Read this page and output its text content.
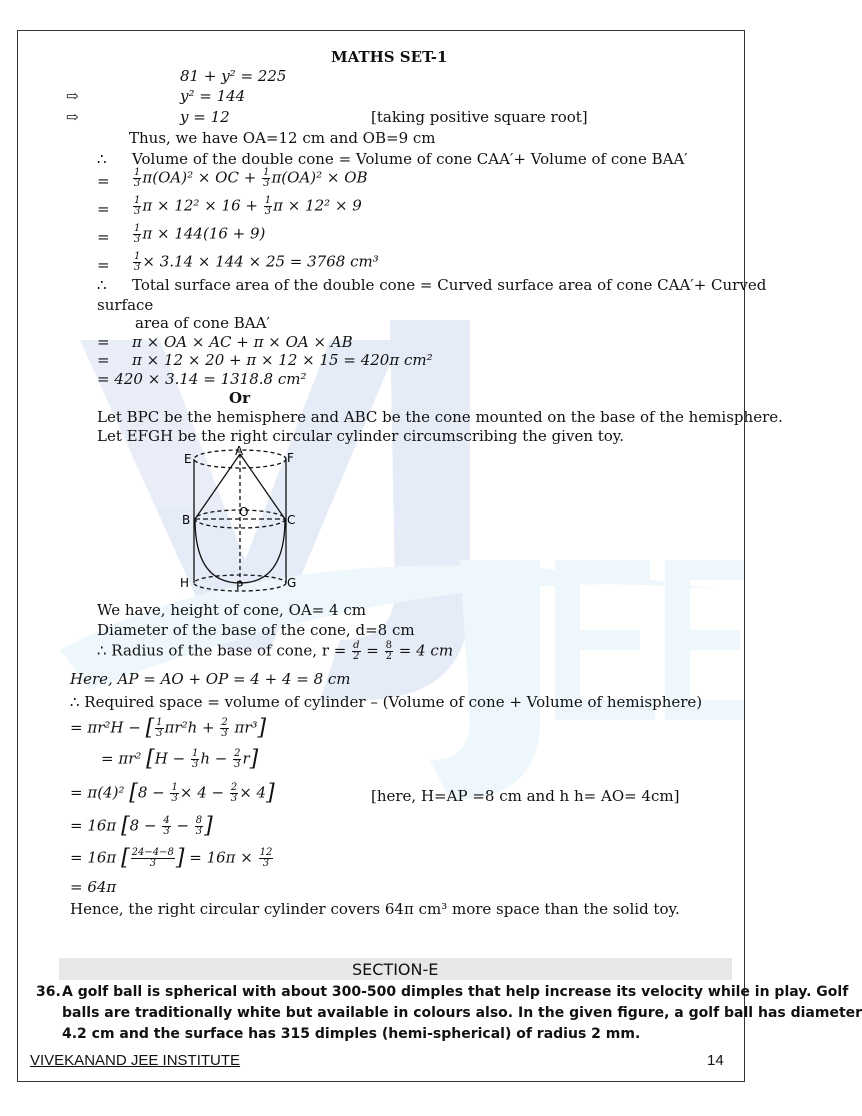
MATHS SET-1
81 + y² = 225
⇨	y² = 144
⇨	y = 12	[taking positive square root]
Thus, we have OA=12 cm and OB=9 cm
∴ Volume of the double cone = Volume of cone CAA′+ Volume of cone BAA′
= $\frac{1}{3} \pi(OA)^2$ × OC + $\frac{1}{3} \pi(OA)^2$ × OB
= $\frac{1}{3}$ $\pi \times 12^2 \times 16 + \frac{1}{3}$ π × 12² × 9
= $\frac{1}{3}$ π × 144(16 + 9)
= $\frac{1}{3} \times 3.14 \times 144 \times 25 = 3768$ cm³
∴ Total surface area of the double cone = Curved surface area of cone CAA′+ Curved
surface
area of cone BAA′
= π × OA × AC + π × OA × AB
= π × 12 × 20 + π × 12 × 15 = 420π cm²
= 420 × 3.14 = 1318.8 cm²
Or
Let BPC be the hemisphere and ABC be the cone mounted on the base of the hemisphere.
Let EFGH be the right circular cylinder circumscribing the given toy.
E	F
A
B
O
C
H	P	G
We have, height of cone, OA= 4 cm
Diameter of the base of the cone, d=8 cm
∴ Radius of the base of cone, $r = \frac{d}{2} = \frac{8}{2} = 4$ cm
Here, AP = AO + OP = 4 + 4 = 8 cm
∴ Required space = volume of cylinder – (Volume of cone + Volume of hemisphere)
= πr²H − [ $\frac{1}{3} \pi r^2h + \frac{2}{3} \pi r^3$]
= πr² [$H - \frac{1}{3}$ $h - \frac{2}{3} r$]
= π(4)² $[8 - \frac{1}{3} \times 4 - \frac{2}{3} \times 4]$	[here, H=AP =8 cm and h h= AO= 4cm]
= 16π [$8 - \frac{4}{3} - \frac{8}{3}$ ]
= 16π [ $\frac{24-4-8}{3}$ ] = $16\pi \times \frac{12}{3}$
= 64π
Hence, the right circular cylinder covers 64π cm³ more space than the solid toy.
SECTION-E
36. A golf ball is spherical with about 300-500 dimples that help increase its velocity while in play. Golf
balls are traditionally white but available in colours also. In the given figure, a golf ball has diameter
4.2 cm and the surface has 315 dimples (hemi-spherical) of radius 2 mm.
VIVEKANAND JEE INSTITUTE	14
